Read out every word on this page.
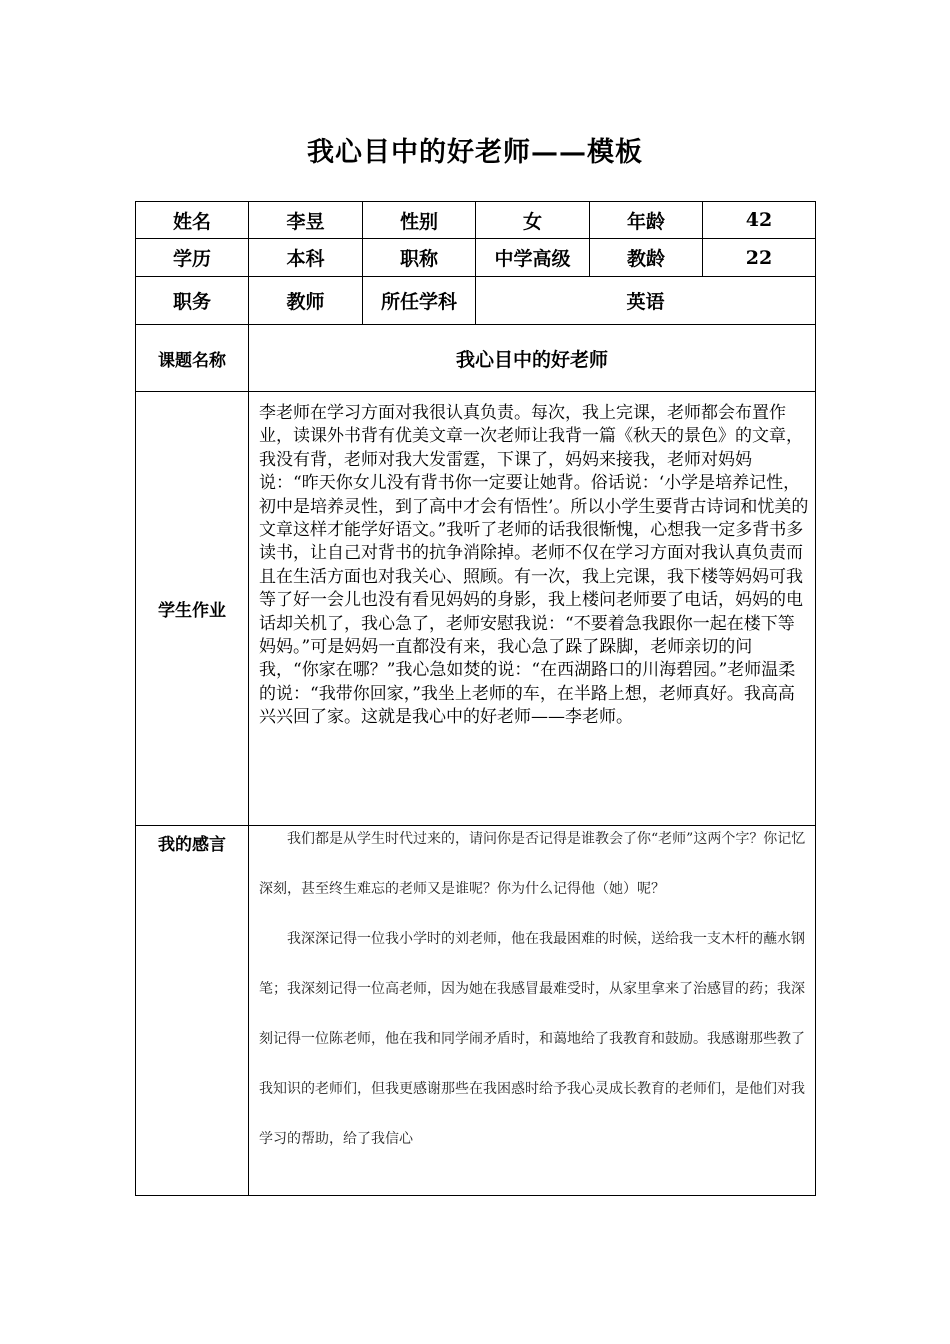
我心目中的好老师——模板
姓名	李昱	性别	女	年龄	42
学历	本科	职称	中学高级	教龄	22
职务	教师	所任学科	英语		
课题名称	我心目中的好老师				
学生作业	李老师在学习方面对我很认真负责。每次，我上完课，老师都会布置作业，读课外书背有优美文章一次老师让我背一篇《秋天的景色》的文章，我没有背，老师对我大发雷霆，下课了，妈妈来接我，老师对妈妈说：“昨天你女儿没有背书你一定要让她背。俗话说：‘小学是培养记性，初中是培养灵性，到了高中才会有悟性’。所以小学生要背古诗词和忧美的文章这样才能学好语文。”我听了老师的话我很惭愧，心想我一定多背书多读书，让自己对背书的抗争消除掉。老师不仅在学习方面对我认真负责而且在生活方面也对我关心、照顾。有一次，我上完课，我下楼等妈妈可我等了好一会儿也没有看见妈妈的身影，我上楼问老师要了电话，妈妈的电话却关机了，我心急了，老师安慰我说：“不要着急我跟你一起在楼下等妈妈。”可是妈妈一直都没有来，我心急了跺了跺脚，老师亲切的问我，“你家在哪？”我心急如焚的说：“在西湖路口的川海碧园。”老师温柔的说：“我带你回家，”我坐上老师的车，在半路上想，老师真好。我高高兴兴回了家。这就是我心中的好老师——李老师。				

我的感言	我们都是从学生时代过来的，请问你是否记得是谁教会了你“老师”这两个字？你记忆深刻，甚至终生难忘的老师又是谁呢？你为什么记得他（她）呢？

我深深记得一位我小学时的刘老师，他在我最困难的时候，送给我一支木杆的蘸水钢笔；我深刻记得一位高老师，因为她在我感冒最难受时，从家里拿来了治感冒的药；我深刻记得一位陈老师，他在我和同学闹矛盾时，和蔼地给了我教育和鼓励。我感谢那些教了我知识的老师们，但我更感谢那些在我困惑时给予我心灵成长教育的老师们，是他们对我学习的帮助，给了我信心				
